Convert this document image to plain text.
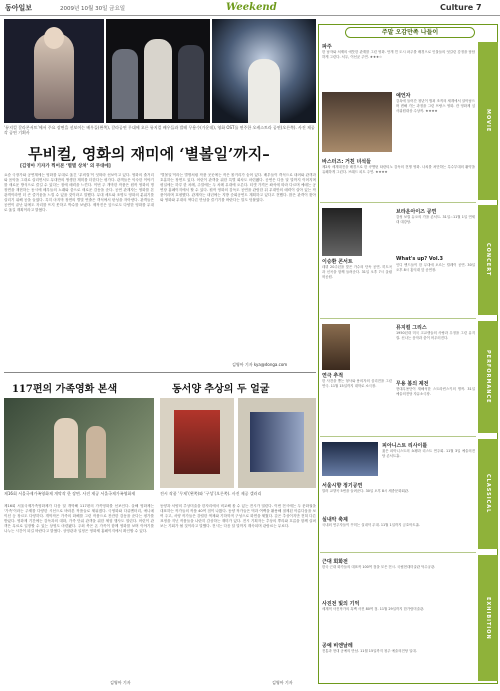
동아일보	2009년 10월 30일 금요일	Weekend	Culture 7
‘뮤지컬 갈라콘서트’에서 주요 장면을 선보이는 배우들(왼쪽), 갈라공연 무대에 오른 뮤지컬 배우들과 발레 무용수(가운데), 영화 OST를 연주한 오케스트라 공연(오른쪽). 사진 제공 각 공연 기획사
무비컬, 영화의 재미에 ‘별볼일’까지–
[김영아 기자가 찍어본 ‘별별 상처’ 의 무대에]
요즘 극장가와 공연계에는 영화를 무대로 옮긴 ‘무비컬’이 잇따라 선보이고 있다. 영화의 줄거리와 음악을 그대로 살리면서도 무대만의 생생한 재미를 더한다는 평가다. 관객들은 익숙한 이야기를 새로운 방식으로 즐길 수 있다는 점에 매력을 느낀다. 이번 주 개막한 작품은 원작 영화의 명장면을 재현하는 동시에 배우들의 노래와 춤으로 새로운 감동을 준다. 공연 관계자는 영화를 본 관객이라면 더 큰 즐거움을 느낄 수 있을 것이라고 말했다. 무대 세트와 조명도 영화의 분위기를 살리기 위해 공을 들였다. 특히 마지막 장면의 별빛 연출은 객석에서 탄성을 자아낸다. 관객들은 공연이 끝난 뒤에도 자리를 뜨지 못하고 박수를 보냈다. 제작진은 앞으로도 다양한 영화를 무대로 옮길 계획이라고 밝혔다.
‘별볼일’이라는 별명처럼 작품 곳곳에는 작은 볼거리가 숨어 있다. 배우들이 객석으로 내려와 관객과 호흡하는 장면도 있다. 어린이 관객을 위한 특별 회차도 마련됐다. 공연은 다음 달 말까지 이어지며 평일에는 하루 한 차례, 주말에는 두 차례 무대에 오른다. 티켓 가격은 좌석에 따라 다르며 예매는 공연장 홈페이지에서 할 수 있다. 원작 영화의 감독도 공연을 관람한 뒤 무대만의 매력이 살아 있는 작품이라며 호평했다. 관계자는 내년에는 지방 순회공연도 계획하고 있다고 전했다. 많은 관객이 찾아와 영화와 무대의 색다른 만남을 즐기기를 바란다는 말도 덧붙였다.
김영아 기자 kya@donga.com
117편의 가족영화 본색
제16회 서울국제가족영화제 개막작 한 장면. 사진 제공 서울국제가족영화제
제16회 서울국제가족영화제가 다음 달 개막해 117편의 가족영화를 선보인다. 올해 영화제는 ‘가족’이라는 주제를 다양한 시선으로 바라본 작품들로 채워졌다. 극영화와 다큐멘터리, 애니메이션 등 장르도 다양하다. 개막작은 가족의 화해를 그린 작품으로 잔잔한 감동을 준다는 평가를 받았다. 영화제 기간에는 감독과의 대화, 가족 단위 관객을 위한 체험 행사도 열린다. 어린이 관객은 무료로 입장할 수 있는 상영도 마련됐다. 주최 측은 온 가족이 함께 영화를 보며 이야기를 나누는 시간이 되길 바란다고 밝혔다. 상영관과 일정은 영화제 홈페이지에서 확인할 수 있다.
김영아 기자
동서양 추상의 두 얼굴
전시 작품 ‘무제’(왼쪽)와 ‘구성’(오른쪽). 사진 제공 갤러리
동양과 서양의 추상미술을 한자리에서 비교해 볼 수 있는 전시가 열린다. 이번 전시에는 두 문화권을 대표하는 작가들의 작품 40여 점이 나왔다. 동양 작가들은 먹과 여백을 활용해 절제된 아름다움을 보여 주고, 서양 작가들은 강렬한 색채와 기하학적 구성으로 화면을 채웠다. 같은 추상이지만 전혀 다른 표정을 지닌 작품들을 나란히 감상하는 재미가 있다. 전시 기획자는 추상의 뿌리와 흐름을 함께 살펴보는 기회가 될 것이라고 말했다. 전시는 다음 달 말까지 계속되며 관람료는 무료다.
김영아 기자
주말 오감만족 나들이
MOVIE
파주
한 남자와 처제의 애틋한 관계를 그린 영화. 안개 낀 도시 파주를 배경으로 인물들의 엇갈린 감정을 담담하게 그린다. 서우, 이선균 주연. ★★★☆
예언자
감옥에 들어간 청년이 범죄 조직의 세계에서 살아남으며 변해 가는 과정을 그린 프랑스 영화. 칸 영화제 심사위원대상 수상작. ★★★★
바스터즈: 거친 녀석들
제2차 세계대전을 배경으로 한 쿠엔틴 타란티노 감독의 전쟁 영화. 나치를 처단하는 특수부대의 활약을 유쾌하게 그린다. 브래드 피트 주연. ★★★★
CONCERT
이승환 콘서트
데뷔 20주년을 맞은 가수의 단독 공연. 히트곡과 신곡을 함께 들려준다. 31일 오후 7시 올림픽공원.
브라운아이즈 공연
감성 보컬 듀오의 가을 콘서트. 31일∼11월 1일 연세대 대강당.
What's up? Vol.3
인디 밴드들이 한 무대에 오르는 릴레이 공연. 30일 오후 8시 홍익대 앞 공연장.
PERFORMANCE
연극 추적
한 사건을 쫓는 형사와 용의자의 심리전을 그린 연극. 11월 15일까지 대학로 소극장.
뮤지컬 그리스
1950년대 미국 고교생들의 사랑과 우정을 그린 뮤지컬. 신나는 음악과 춤이 어우러진다.
무용 봄의 제전
현대무용단이 재해석한 스트라빈스키의 명작. 31일 예술의전당 자유소극장.
CLASSICAL
피아니스트 리사이틀
젊은 피아니스트의 쇼팽과 리스트 연주회. 11월 3일 예술의전당 콘서트홀.
서울시향 정기공연
말러 교향곡 5번을 들려준다. 30일 오후 8시 세종문화회관.
실내악 축제
국내외 연주자들이 꾸미는 실내악 무대. 11월 1일까지 금호아트홀.
EXHIBITION
근대 회화전
한국 근대 화가들의 대표작 100여 점을 모은 전시. 국립현대미술관 덕수궁관.
사진전 빛의 기억
세계적 사진작가의 흑백 사진 80여 점. 11월 29일까지 한가람미술관.
공예 비엔날레
전통과 현대 공예의 만남. 11월 15일까지 청주 예술의전당 일대.
